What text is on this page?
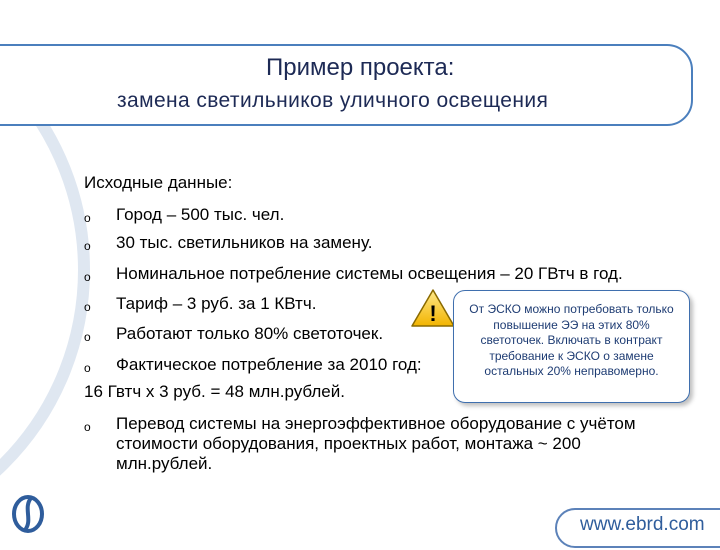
Пример проекта:
замена светильников уличного освещения
Исходные данные:
o Город – 500 тыс. чел.
o 30 тыс. светильников на замену.
o Номинальное потребление системы освещения – 20 ГВтч в год.
o Тариф – 3 руб. за 1 КВтч.
o Работают только 80% светоточек.
o Фактическое потребление за 2010 год:
16 Гвтч х 3 руб. = 48 млн.рублей.
o Перевод системы на энергоэффективное оборудование с учётом стоимости оборудования, проектных работ, монтажа ~ 200 млн.рублей.
!	От ЭСКО можно потребовать только повышение ЭЭ на этих 80% светоточек. Включать в контракт требование к ЭСКО о замене остальных 20% неправомерно.
www.ebrd.com
